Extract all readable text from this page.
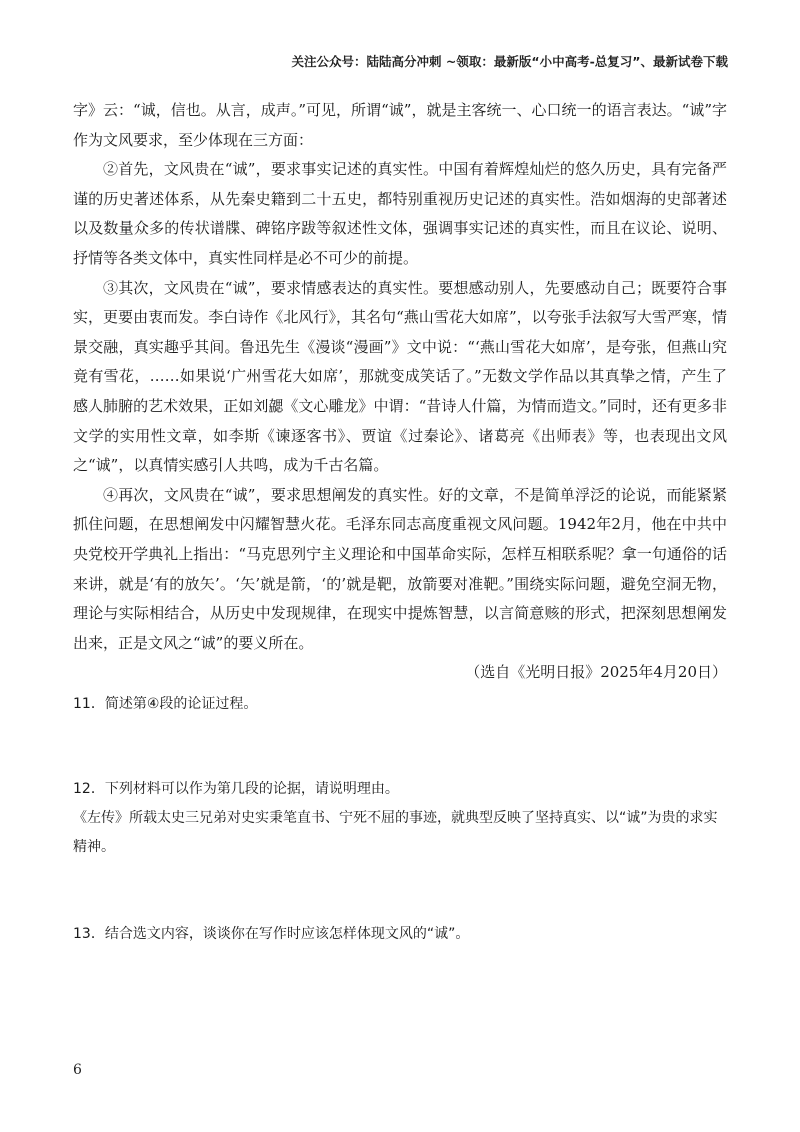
关注公众号：陆陆高分冲刺 ~领取：最新版“小中高考-总复习”、最新试卷下载

字》云：“诚，信也。从言，成声。”可见，所谓“诚”，就是主客统一、心口统一的语言表达。“诚”字作为文风要求，至少体现在三方面：

②首先，文风贵在“诚”，要求事实记述的真实性。中国有着辉煌灿烂的悠久历史，具有完备严谨的历史著述体系，从先秦史籍到二十五史，都特别重视历史记述的真实性。浩如烟海的史部著述以及数量众多的传状谱牒、碑铭序跋等叙述性文体，强调事实记述的真实性，而且在议论、说明、抒情等各类文体中，真实性同样是必不可少的前提。

③其次，文风贵在“诚”，要求情感表达的真实性。要想感动别人，先要感动自己；既要符合事实，更要由衷而发。李白诗作《北风行》，其名句“燕山雪花大如席”，以夸张手法叙写大雪严寒，情景交融，真实趣乎其间。鲁迅先生《漫谈“漫画”》文中说：“‘燕山雪花大如席’，是夸张，但燕山究竟有雪花，……如果说‘广州雪花大如席’，那就变成笑话了。”无数文学作品以其真挚之情，产生了感人肺腑的艺术效果，正如刘勰《文心雕龙》中谓：“昔诗人什篇，为情而造文。”同时，还有更多非文学的实用性文章，如李斯《谏逐客书》、贾谊《过秦论》、诸葛亮《出师表》等，也表现出文风之“诚”，以真情实感引人共鸣，成为千古名篇。

④再次，文风贵在“诚”，要求思想阐发的真实性。好的文章，不是简单浮泛的论说，而能紧紧抓住问题，在思想阐发中闪耀智慧火花。毛泽东同志高度重视文风问题。1942年2月，他在中共中央党校开学典礼上指出：“马克思列宁主义理论和中国革命实际，怎样互相联系呢？拿一句通俗的话来讲，就是‘有的放矢’。‘矢’就是箭，‘的’就是靶，放箭要对准靶。”围绕实际问题，避免空洞无物，理论与实际相结合，从历史中发现规律，在现实中提炼智慧，以言简意赅的形式，把深刻思想阐发出来，正是文风之“诚”的要义所在。

（选自《光明日报》2025年4月20日）

11．简述第④段的论证过程。

12．下列材料可以作为第几段的论据，请说明理由。

《左传》所载太史三兄弟对史实秉笔直书、宁死不屈的事迹，就典型反映了坚持真实、以“诚”为贵的求实精神。

13．结合选文内容，谈谈你在写作时应该怎样体现文风的“诚”。

6
